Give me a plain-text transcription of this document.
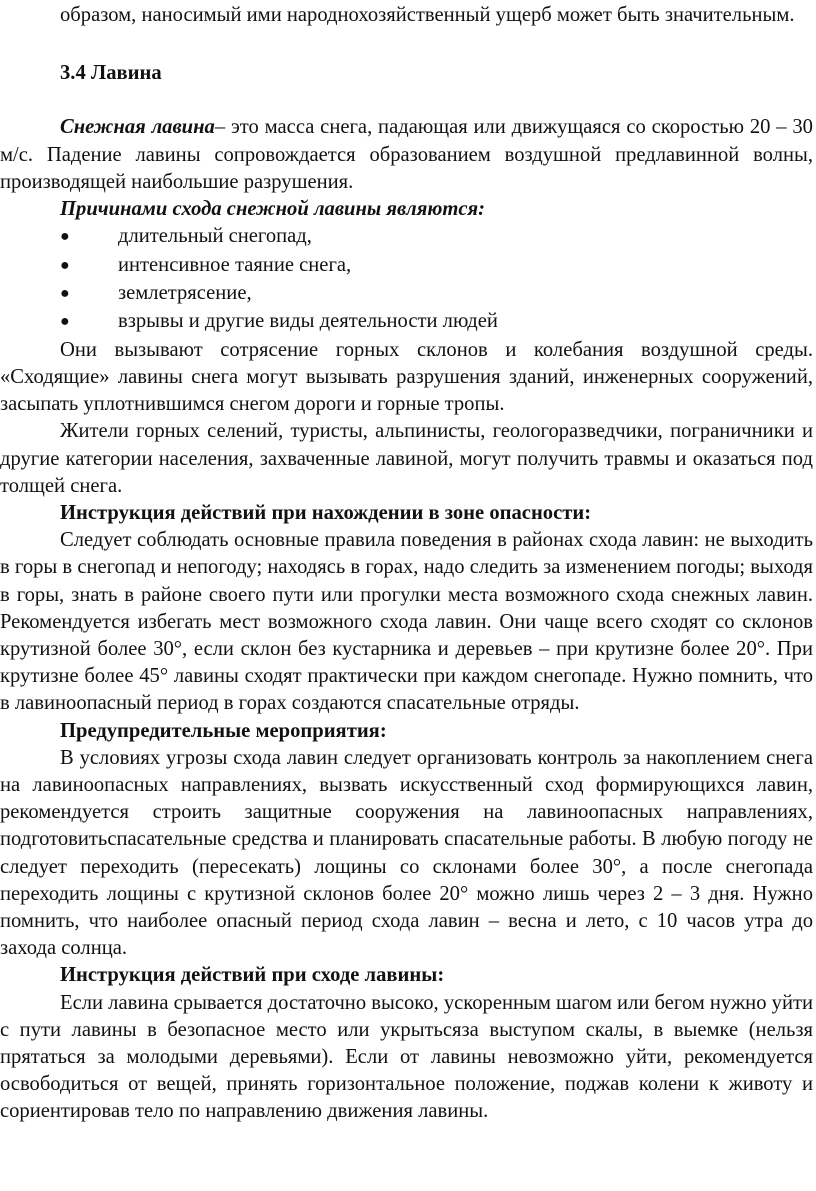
образом, наносимый ими народнохозяйственный ущерб может быть значительным.

3.4 Лавина

Снежная лавина– это масса снега, падающая или движущаяся со скоростью 20 – 30 м/с. Падение лавины сопровождается образованием воздушной предлавинной волны, производящей наибольшие разрушения.

Причинами схода снежной лавины являются:

● длительный снегопад,
● интенсивное таяние снега,
● землетрясение,
● взрывы и другие виды деятельности людей

Они вызывают сотрясение горных склонов и колебания воздушной среды. «Сходящие» лавины снега могут вызывать разрушения зданий, инженерных сооружений, засыпать уплотнившимся снегом дороги и горные тропы.

Жители горных селений, туристы, альпинисты, геологоразведчики, пограничники и другие категории населения, захваченные лавиной, могут получить травмы и оказаться под толщей снега.

Инструкция действий при нахождении в зоне опасности:

Следует соблюдать основные правила поведения в районах схода лавин: не выходить в горы в снегопад и непогоду; находясь в горах, надо следить за изменением погоды; выходя в горы, знать в районе своего пути или прогулки места возможного схода снежных лавин. Рекомендуется избегать мест возможного схода лавин. Они чаще всего сходят со склонов крутизной более 30°, если склон без кустарника и деревьев – при крутизне более 20°. При крутизне более 45° лавины сходят практически при каждом снегопаде. Нужно помнить, что в лавиноопасный период в горах создаются спасательные отряды.

Предупредительные мероприятия:

В условиях угрозы схода лавин следует организовать контроль за накоплением снега на лавиноопасных направлениях, вызвать искусственный сход формирующихся лавин, рекомендуется строить защитные сооружения на лавиноопасных направлениях, подготовитьспасательные средства и планировать спасательные работы. В любую погоду не следует переходить (пересекать) лощины со склонами более 30°, а после снегопада переходить лощины с крутизной склонов более 20° можно лишь через 2 – 3 дня. Нужно помнить, что наиболее опасный период схода лавин – весна и лето, с 10 часов утра до захода солнца.

Инструкция действий при сходе лавины:

Если лавина срывается достаточно высоко, ускоренным шагом или бегом нужно уйти с пути лавины в безопасное место или укрытьсяза выступом скалы, в выемке (нельзя прятаться за молодыми деревьями). Если от лавины невозможно уйти, рекомендуется освободиться от вещей, принять горизонтальное положение, поджав колени к животу и сориентировав тело по направлению движения лавины.
